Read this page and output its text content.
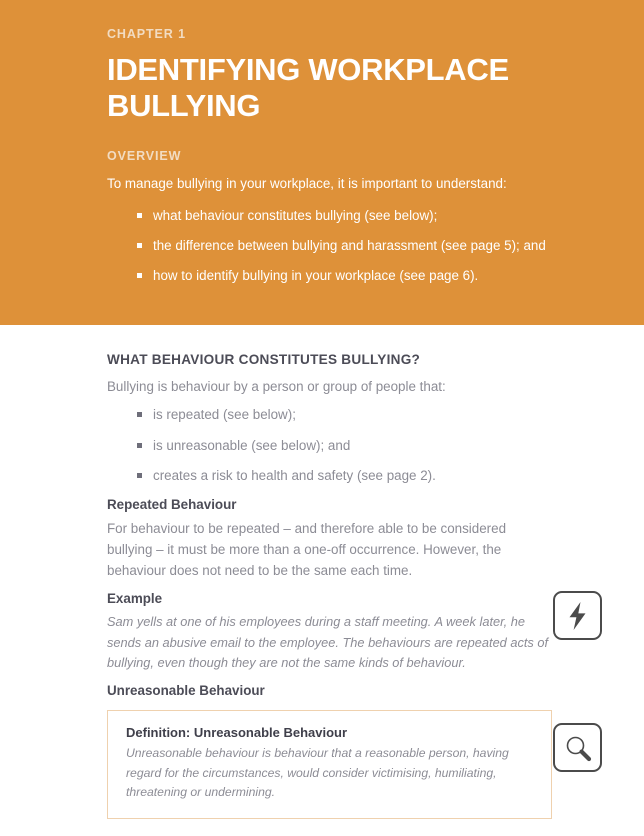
CHAPTER 1
IDENTIFYING WORKPLACE BULLYING
OVERVIEW
To manage bullying in your workplace, it is important to understand:
what behaviour constitutes bullying (see below);
the difference between bullying and harassment (see page 5); and
how to identify bullying in your workplace (see page 6).
WHAT BEHAVIOUR CONSTITUTES BULLYING?

Bullying is behaviour by a person or group of people that:

is repeated (see below);
is unreasonable (see below); and
creates a risk to health and safety (see page 2).
Repeated Behaviour

For behaviour to be repeated – and therefore able to be considered bullying – it must be more than a one-off occurrence. However, the behaviour does not need to be the same each time.

Example

Sam yells at one of his employees during a staff meeting. A week later, he sends an abusive email to the employee. The behaviours are repeated acts of bullying, even though they are not the same kinds of behaviour.

Unreasonable Behaviour
Definition: Unreasonable Behaviour
Unreasonable behaviour is behaviour that a reasonable person, having regard for the circumstances, would consider victimising, humiliating, threatening or undermining.
